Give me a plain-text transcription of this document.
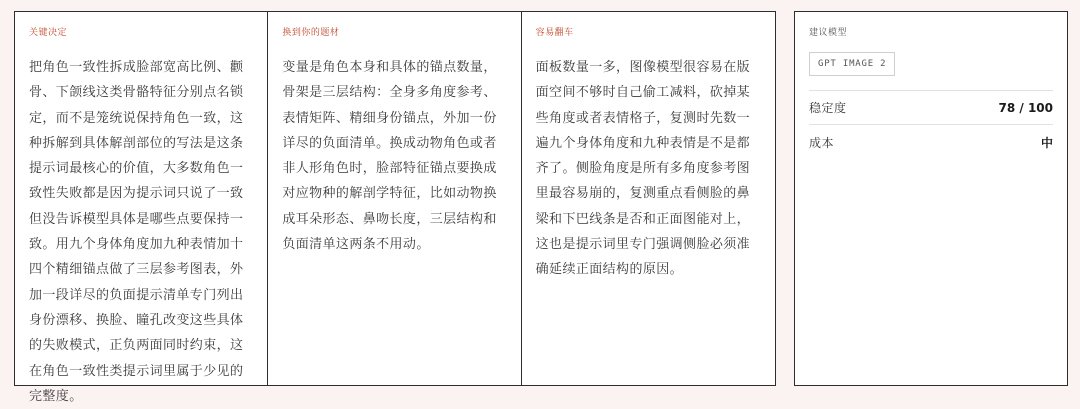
关键决定
把角色一致性拆成脸部宽高比例、颧骨、下颌线这类骨骼特征分别点名锁定，而不是笼统说保持角色一致，这种拆解到具体解剖部位的写法是这条提示词最核心的价值，大多数角色一致性失败都是因为提示词只说了一致但没告诉模型具体是哪些点要保持一致。用九个身体角度加九种表情加十四个精细锚点做了三层参考图表，外加一段详尽的负面提示清单专门列出身份漂移、换脸、瞳孔改变这些具体的失败模式，正负两面同时约束，这在角色一致性类提示词里属于少见的完整度。
换到你的题材
变量是角色本身和具体的锚点数量，骨架是三层结构：全身多角度参考、表情矩阵、精细身份锚点，外加一份详尽的负面清单。换成动物角色或者非人形角色时，脸部特征锚点要换成对应物种的解剖学特征，比如动物换成耳朵形态、鼻吻长度，三层结构和负面清单这两条不用动。
容易翻车
面板数量一多，图像模型很容易在版面空间不够时自己偷工减料，砍掉某些角度或者表情格子，复测时先数一遍九个身体角度和九种表情是不是都齐了。侧脸角度是所有多角度参考图里最容易崩的，复测重点看侧脸的鼻梁和下巴线条是否和正面图能对上，这也是提示词里专门强调侧脸必须准确延续正面结构的原因。
建议模型
GPT IMAGE 2
稳定度	78 / 100
成本	中
